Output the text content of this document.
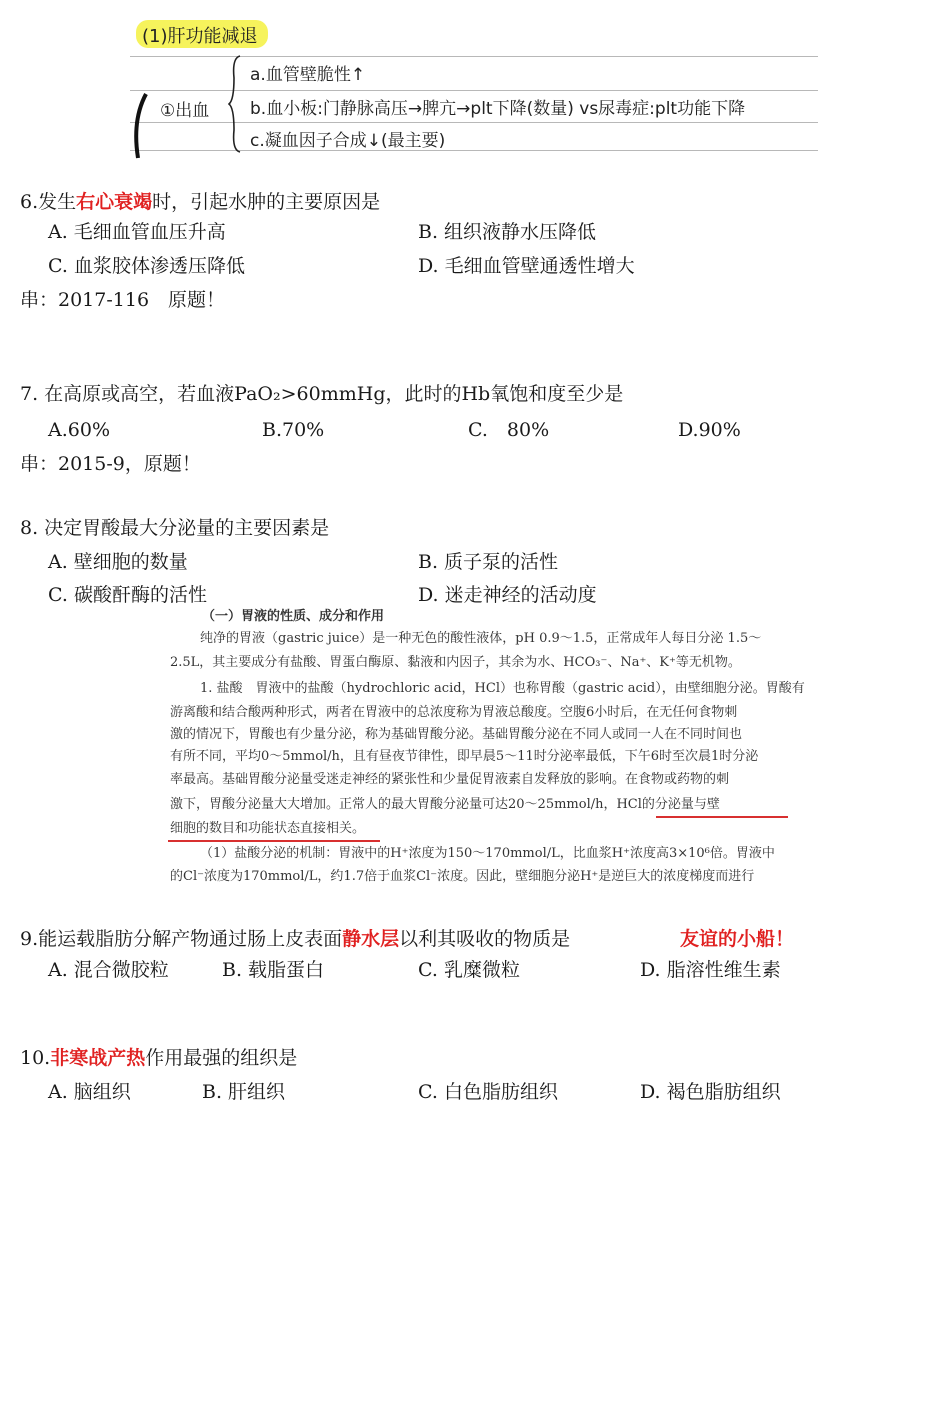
(1)肝功能减退
①出血
a.血管壁脆性↑
b.血小板:门静脉高压→脾亢→plt下降(数量) vs尿毒症:plt功能下降
c.凝血因子合成↓(最主要)
6.发生右心衰竭时，引起水肿的主要原因是
A. 毛细血管血压升高	B. 组织液静水压降低
C. 血浆胶体渗透压降低	D. 毛细血管壁通透性增大
串：2017-116　原题！
7. 在高原或高空，若血液PaO₂>60mmHg，此时的Hb氧饱和度至少是
A.60%	B.70%	C.　80%	D.90%
串：2015-9，原题！
8. 决定胃酸最大分泌量的主要因素是
A. 壁细胞的数量	B. 质子泵的活性
C. 碳酸酐酶的活性	D. 迷走神经的活动度
（一）胃液的性质、成分和作用
纯净的胃液（gastric juice）是一种无色的酸性液体，pH 0.9～1.5，正常成年人每日分泌 1.5～
2.5L，其主要成分有盐酸、胃蛋白酶原、黏液和内因子，其余为水、HCO₃⁻、Na⁺、K⁺等无机物。
1. 盐酸　胃液中的盐酸（hydrochloric acid，HCl）也称胃酸（gastric acid），由壁细胞分泌。胃酸有
游离酸和结合酸两种形式，两者在胃液中的总浓度称为胃液总酸度。空腹6小时后，在无任何食物刺
激的情况下，胃酸也有少量分泌，称为基础胃酸分泌。基础胃酸分泌在不同人或同一人在不同时间也
有所不同，平均0～5mmol/h，且有昼夜节律性，即早晨5～11时分泌率最低，下午6时至次晨1时分泌
率最高。基础胃酸分泌量受迷走神经的紧张性和少量促胃液素自发释放的影响。在食物或药物的刺
激下，胃酸分泌量大大增加。正常人的最大胃酸分泌量可达20～25mmol/h，HCl的分泌量与壁
细胞的数目和功能状态直接相关。
（1）盐酸分泌的机制：胃液中的H⁺浓度为150～170mmol/L，比血浆H⁺浓度高3×10⁶倍。胃液中
的Cl⁻浓度为170mmol/L，约1.7倍于血浆Cl⁻浓度。因此，壁细胞分泌H⁺是逆巨大的浓度梯度而进行
9.能运载脂肪分解产物通过肠上皮表面静水层以利其吸收的物质是	友谊的小船！
A. 混合微胶粒	B. 载脂蛋白	C. 乳糜微粒	D. 脂溶性维生素
10.非寒战产热作用最强的组织是
A. 脑组织	B. 肝组织	C. 白色脂肪组织	D. 褐色脂肪组织
